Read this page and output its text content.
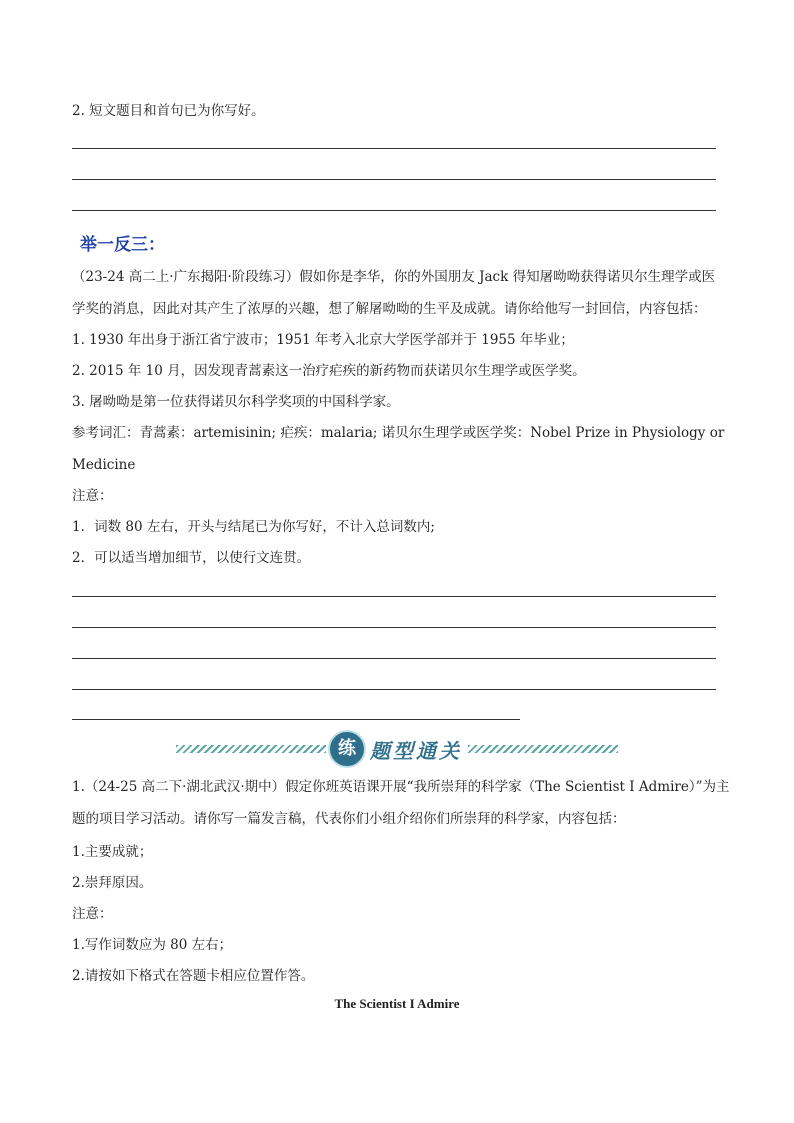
2. 短文题目和首句已为你写好。
举一反三：
（23-24 高二上·广东揭阳·阶段练习）假如你是李华，你的外国朋友 Jack 得知屠呦呦获得诺贝尔生理学或医
学奖的消息，因此对其产生了浓厚的兴趣，想了解屠呦呦的生平及成就。请你给他写一封回信，内容包括：
1. 1930 年出身于浙江省宁波市；1951 年考入北京大学医学部并于 1955 年毕业；
2. 2015 年 10 月，因发现青蒿素这一治疗疟疾的新药物而获诺贝尔生理学或医学奖。
3. 屠呦呦是第一位获得诺贝尔科学奖项的中国科学家。
参考词汇：青蒿素：artemisinin; 疟疾：malaria; 诺贝尔生理学或医学奖：Nobel Prize in Physiology or
Medicine
注意：
1．词数 80 左右，开头与结尾已为你写好，不计入总词数内;
2．可以适当增加细节，以使行文连贯。
练 题型通关
1.（24-25 高二下·湖北武汉·期中）假定你班英语课开展“我所崇拜的科学家（The Scientist I Admire）”为主
题的项目学习活动。请你写一篇发言稿，代表你们小组介绍你们所崇拜的科学家，内容包括：
1.主要成就；
2.崇拜原因。
注意：
1.写作词数应为 80 左右；
2.请按如下格式在答题卡相应位置作答。
The Scientist I Admire
